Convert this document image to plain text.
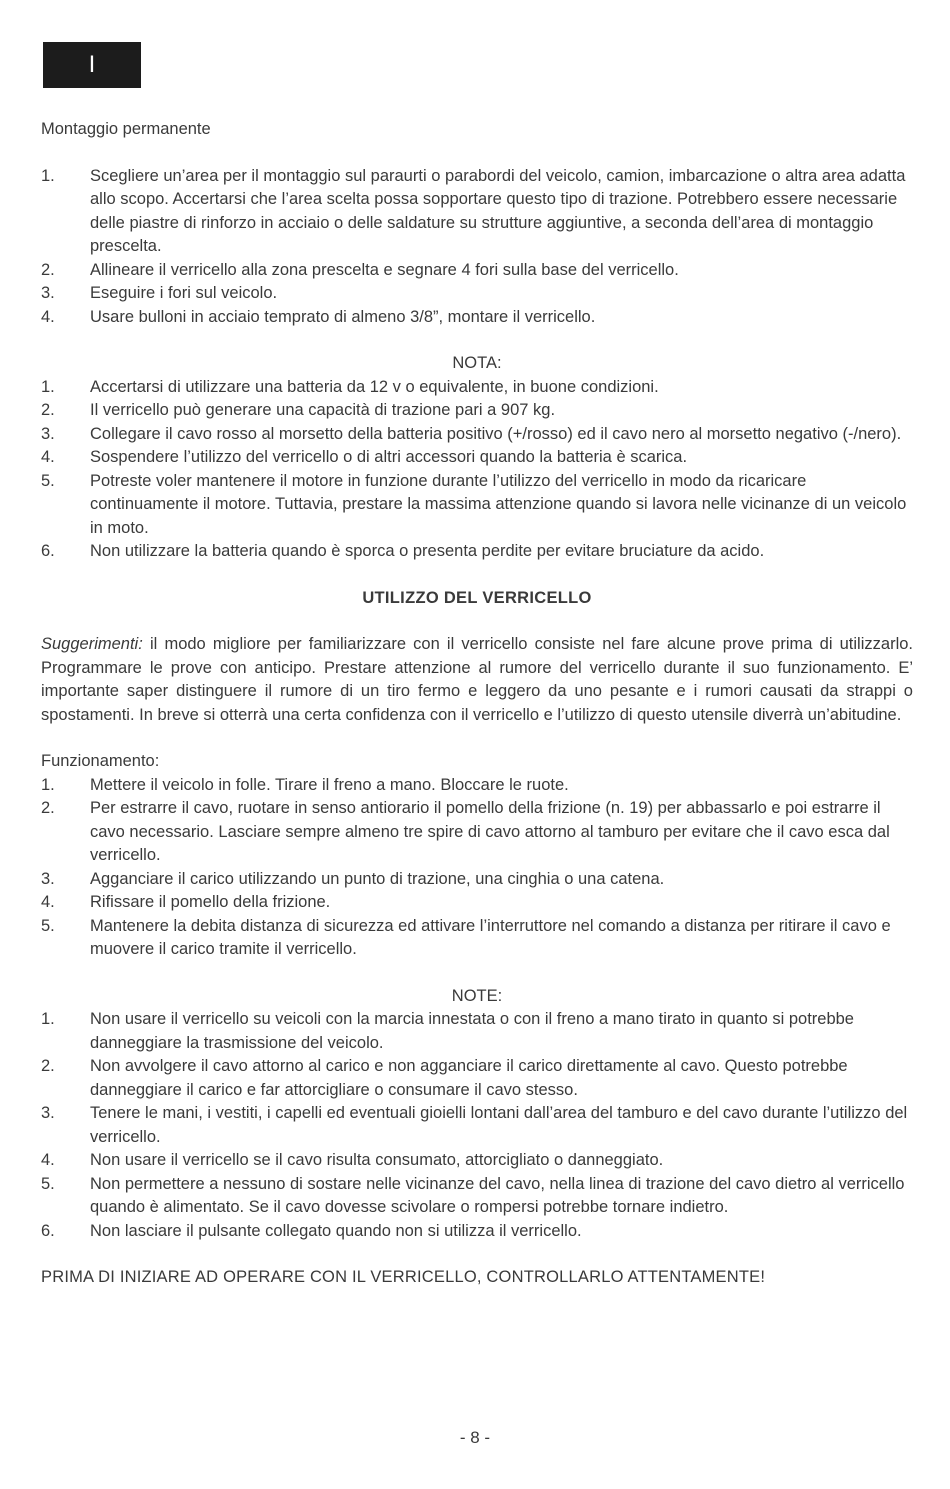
I

Montaggio permanente

1.	Scegliere un’area per il montaggio sul paraurti o parabordi del veicolo, camion, imbarcazione o altra area adatta allo scopo. Accertarsi che l’area scelta possa sopportare questo tipo di trazione. Potrebbero essere necessarie delle piastre di rinforzo in acciaio o delle saldature su strutture aggiuntive, a seconda dell’area di montaggio prescelta.
2.	Allineare il verricello alla zona prescelta e segnare 4 fori sulla base del verricello.
3.	Eseguire i fori sul veicolo.
4.	Usare bulloni in acciaio temprato di almeno 3/8”, montare il verricello.

NOTA:

1.	Accertarsi di utilizzare una batteria da 12 v o equivalente, in buone condizioni.
2.	Il verricello può generare una capacità di trazione pari a 907 kg.
3.	Collegare il cavo rosso al morsetto della batteria positivo (+/rosso) ed il cavo nero al morsetto negativo (-/nero).
4.	Sospendere l’utilizzo del verricello o di altri accessori quando la batteria è scarica.
5.	Potreste voler mantenere il motore in funzione durante l’utilizzo del verricello in modo da ricaricare continuamente il motore. Tuttavia, prestare la massima attenzione quando si lavora nelle vicinanze di un veicolo in moto.
6.	Non utilizzare la batteria quando è sporca o presenta perdite per evitare bruciature da acido.

UTILIZZO DEL VERRICELLO

Suggerimenti: il modo migliore per familiarizzare con il verricello consiste nel fare alcune prove prima di utilizzarlo. Programmare le prove con anticipo. Prestare attenzione al rumore del verricello durante il suo funzionamento. E’ importante saper distinguere il rumore di un tiro fermo e leggero da uno pesante e i rumori causati da strappi o spostamenti. In breve si otterrà una certa confidenza con il verricello e l’utilizzo di questo utensile diverrà un’abitudine.

Funzionamento:

1.	Mettere il veicolo in folle. Tirare il freno a mano. Bloccare le ruote.
2.	Per estrarre il cavo, ruotare in senso antiorario il pomello della frizione (n. 19) per abbassarlo e poi estrarre il cavo necessario. Lasciare sempre almeno tre spire di cavo attorno al tamburo per evitare che il cavo esca dal verricello.
3.	Agganciare il carico utilizzando un punto di trazione, una cinghia o una catena.
4.	Rifissare il pomello della frizione.
5.	Mantenere la debita distanza di sicurezza ed attivare l’interruttore nel comando a distanza per ritirare il cavo e muovere il carico tramite il verricello.

NOTE:

1.	Non usare il verricello su veicoli con la marcia innestata o con il freno a mano tirato in quanto si potrebbe danneggiare la trasmissione del veicolo.
2.	Non avvolgere il cavo attorno al carico e non agganciare il carico direttamente al cavo. Questo potrebbe danneggiare il carico e far attorcigliare o consumare il cavo stesso.
3.	Tenere le mani, i vestiti, i capelli ed eventuali gioielli lontani dall’area del tamburo e del cavo durante l’utilizzo del verricello.
4.	Non usare il verricello se il cavo risulta consumato, attorcigliato o danneggiato.
5.	Non permettere a nessuno di sostare nelle vicinanze del cavo, nella linea di trazione del cavo dietro al verricello quando è alimentato. Se il cavo dovesse scivolare o rompersi potrebbe tornare indietro.
6.	Non lasciare il pulsante collegato quando non si utilizza il verricello.

PRIMA DI INIZIARE AD OPERARE CON IL VERRICELLO, CONTROLLARLO ATTENTAMENTE!

- 8 -
